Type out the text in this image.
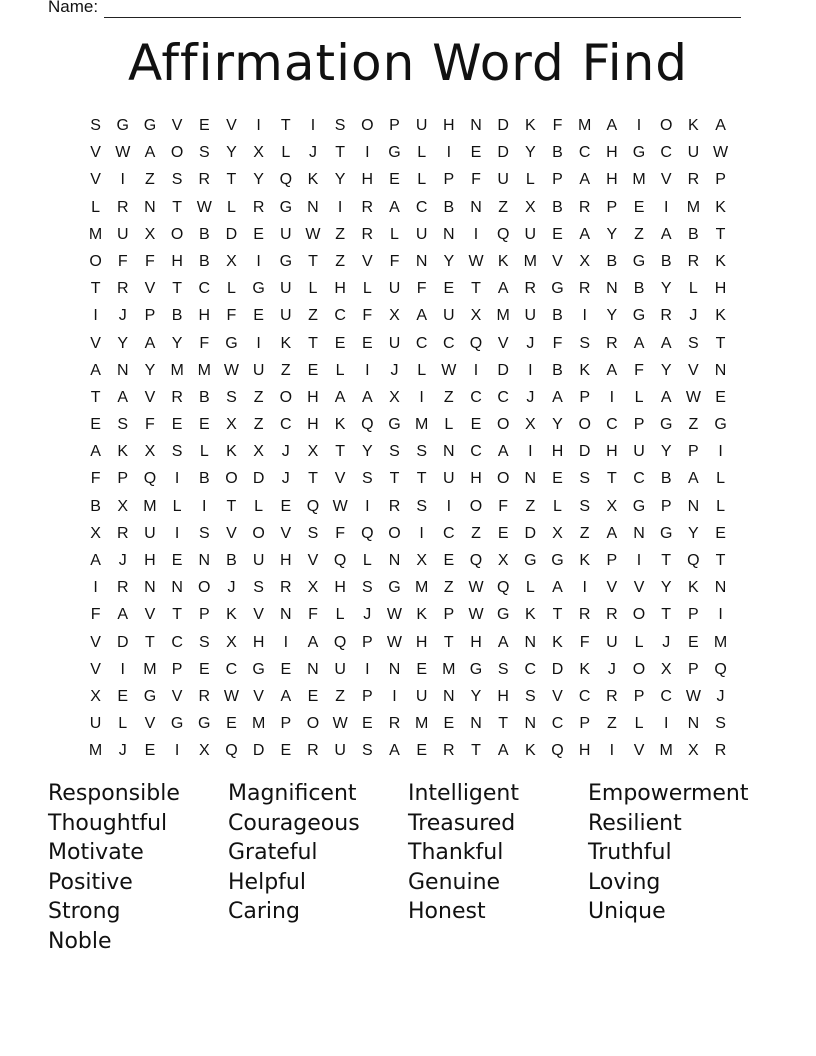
Name:
Affirmation Word Find
S G G V	E	V	I	T	I	S O P	U H N D	K	F M A	I	O K	A
V W A O S	Y	X	L	J	T	I	G	L	I	E	D	Y	B	C H G C U W
V	I	Z	S	R	T	Y Q K	Y	H	E	L	P	F	U	L	P	A	H M V	R	P
L	R N	T W L	R G N	I	R	A	C	B	N	Z	X	B	R	P	E	I	M K
M U	X O B	D	E	U W Z	R	L	U N	I	Q U	E	A	Y	Z	A	B	T
O	F	F	H	B	X	I	G	T	Z	V	F	N	Y W K M V	X	B G B	R	K
T	R	V	T	C	L	G U	L	H	L	U	F	E	T	A	R G R N	B	Y	L	H
I	J	P	B	H	F	E	U	Z	C	F	X	A	U	X M U	B	I	Y G R	J	K
V	Y	A	Y	F	G	I	K	T	E	E	U C C Q V	J	F	S	R	A	A	S	T
A	N	Y M M W U	Z	E	L	I	J	L W	I	D	I	B	K	A	F	Y	V	N
T	A	V	R	B	S	Z	O H	A	A	X	I	Z	C C	J	A	P	I	L	A W E
E	S	F	E	E	X	Z	C H	K Q G M	L	E O X	Y O C	P G	Z	G
A	K	X	S	L	K	X	J	X	T	Y	S	S	N C	A	I	H D H U	Y	P	I
F	P Q	I	B O D	J	T	V	S	T	T	U H O N	E	S	T	C	B	A	L
B	X M	L	I	T	L	E Q W	I	R	S	I	O	F	Z	L	S	X G P	N	L
X	R U	I	S	V O V	S	F	Q O	I	C	Z	E	D	X	Z	A	N G Y	E
A	J	H	E	N	B	U H	V Q	L	N	X	E Q X G G K	P	I	T	Q	T
I	R N N O	J	S	R	X	H	S G M Z W Q	L	A	I	V	V	Y	K	N
F	A	V	T	P	K	V	N	F	L	J W K	P W G K	T	R R O	T	P	I
V	D	T	C	S	X	H	I	A Q P W H	T	H	A	N	K	F	U	L	J	E M
V	I	M P	E	C G E	N U	I	N	E M G S	C D	K	J	O X	P Q
X	E G V	R W V	A	E	Z	P	I	U N	Y	H	S	V	C R	P	C W J
U	L	V G G E M P O W E	R M E	N	T	N C	P	Z	L	I	N	S
M	J	E	I	X Q D	E	R U	S	A	E	R	T	A	K Q H	I	V M X	R
Responsible	Magnificent	Intelligent	Empowerment
Thoughtful	Courageous	Treasured	Resilient
Motivate	Grateful	Thankful	Truthful
Positive	Helpful	Genuine	Loving
Strong	Caring	Honest	Unique
Noble
